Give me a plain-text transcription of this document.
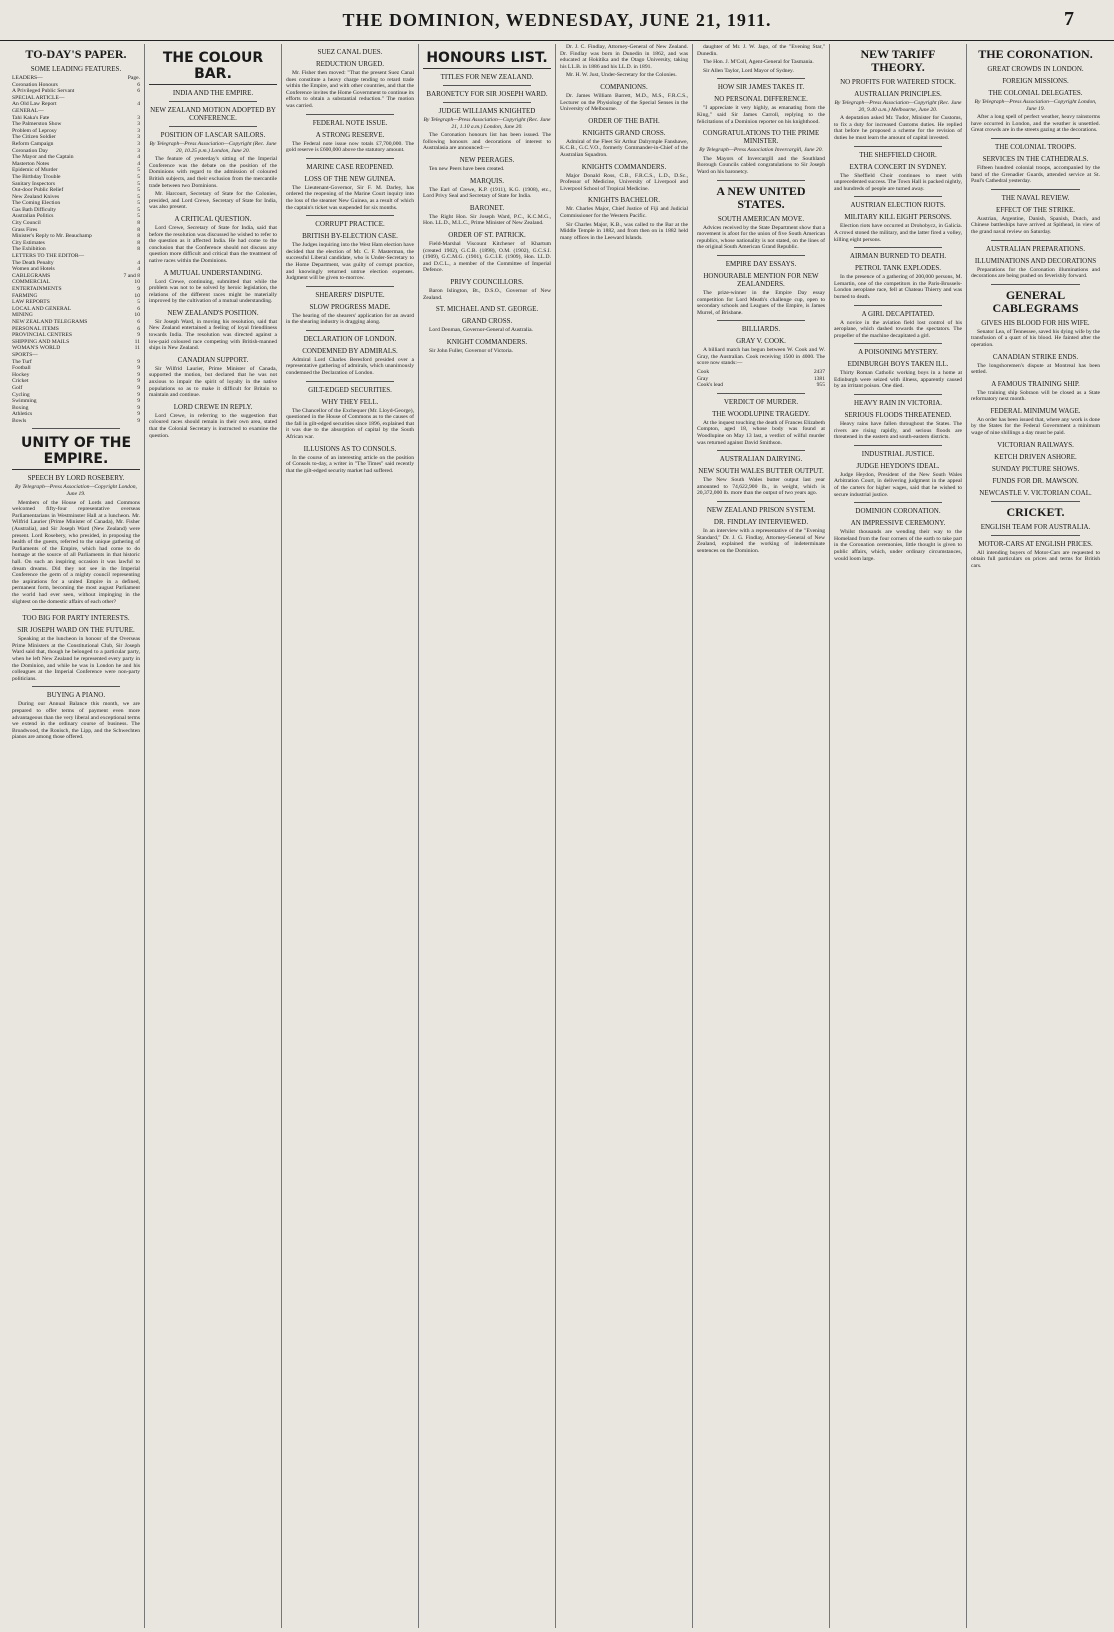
THE DOMINION, WEDNESDAY, JUNE 21, 1911.	7
TO-DAY'S PAPER.
SOME LEADING FEATURES.
LEADERS—	Page.
Coronation Honours	6
A Privileged Public Servant	6
SPECIAL ARTICLE—
An Old Law Report	4
GENERAL—
Tahi Kaka's Fate	3
The Palmerston Show	3
Problem of Leprosy	3
The Citizen Soldier	3
Reform Campaign	3
Coronation Day	3
The Mayor and the Captain	4
Masterton Notes	4
Epidemic of Murder	5
The Birthday Trouble	5
Sanitary Inspectors	5
Out-door Public Relief	5
New Zealand Knives	5
The Coming Election	5
Gas Bath Difficulty	5
Australian Politics	5
City Council	8
Grass Fires	8
Minister's Reply to Mr. Beauchamp	8
City Estimates	8
The Exhibition	8
LETTERS TO THE EDITOR—
The Death Penalty	4
Women and Hotels	4
CABLEGRAMS	7 and 8
COMMERCIAL	10
ENTERTAINMENTS	9
FARMING	10
LAW REPORTS	5
LOCAL AND GENERAL	6
MINING	10
NEW ZEALAND TELEGRAMS	6
PERSONAL ITEMS	6
PROVINCIAL CENTRES	9
SHIPPING AND MAILS	11
WOMAN'S WORLD	11
SPORTS—
The Turf	9
Football	9
Hockey	9
Cricket	9
Golf	9
Cycling	9
Swimming	9
Boxing	9
Athletics	9
Bowls	9
UNITY OF THE EMPIRE.
SPEECH BY LORD ROSEBERY.
By Telegraph—Press Association—Copyright London, June 19.

Members of the House of Lords and Commons welcomed fifty-four representative overseas Parliamentarians in Westminster Hall at a luncheon. Mr. Wilfrid Laurier (Prime Minister of Canada), Mr. Fisher (Australia), and Sir Joseph Ward (New Zealand) were present. Lord Rosebery, who presided, in proposing the health of the guests, referred to the unique gathering of Parliaments of the Empire, which had come to do homage at the source of all Parliaments in that historic hall. On such an inspiring occasion it was lawful to dream dreams. Did they not see in the Imperial Conference the germ of a mighty council representing the aspirations for a united Empire in a defined, permanent form, becoming the most august Parliament the world had ever seen, without impinging in the slightest on the domestic affairs of each other?

TOO BIG FOR PARTY INTERESTS.
SIR JOSEPH WARD ON THE FUTURE.

Speaking at the luncheon in honour of the Overseas Prime Ministers at the Constitutional Club, Sir Joseph Ward said that, though he belonged to a particular party, when he left New Zealand he represented every party in the Dominion, and while he was in London he and his colleagues at the Imperial Conference were non-party politicians.

BUYING A PIANO.

During our Annual Balance this month, we are prepared to offer terms of payment even more advantageous than the very liberal and exceptional terms we extend in the ordinary course of business. The Broadwood, the Ronisch, the Lipp, and the Schwechten pianos are among those offered.

THE COLOUR BAR.
INDIA AND THE EMPIRE.
NEW ZEALAND MOTION ADOPTED BY CONFERENCE.
POSITION OF LASCAR SAILORS.
By Telegraph—Press Association—Copyright (Rec. June 20, 10.25 p.m.) London, June 20.

The feature of yesterday's sitting of the Imperial Conference was the debate on the position of the Dominions with regard to the admission of coloured British subjects, and their exclusion from the mercantile trade between two Dominions.

Mr. Harcourt, Secretary of State for the Colonies, presided, and Lord Crewe, Secretary of State for India, was also present.

A CRITICAL QUESTION.

Lord Crewe, Secretary of State for India, said that before the resolution was discussed he wished to refer to the question as it affected India. He had come to the conclusion that the Conference should not discuss any question more difficult and critical than the treatment of native races within the Dominions.

A MUTUAL UNDERSTANDING.

Lord Crewe, continuing, submitted that while the problem was not to be solved by heroic legislation, the relations of the different races might be materially improved by the cultivation of a mutual understanding.

NEW ZEALAND'S POSITION.

Sir Joseph Ward, in moving his resolution, said that New Zealand entertained a feeling of loyal friendliness towards India. The resolution was directed against a low-paid coloured race competing with British-manned ships in New Zealand.

CANADIAN SUPPORT.

Sir Wilfrid Laurier, Prime Minister of Canada, supported the motion, but declared that he was not anxious to impair the spirit of loyalty in the native populations so as to make it difficult for Britain to maintain and continue.

LORD CREWE IN REPLY.

Lord Crewe, in referring to the suggestion that coloured races should remain in their own area, stated that the Colonial Secretary is instructed to examine the question.

SUEZ CANAL DUES.
REDUCTION URGED.

Mr. Fisher then moved: "That the present Suez Canal dues constitute a heavy charge tending to retard trade within the Empire, and with other countries, and that the Conference invites the Home Government to continue its efforts to obtain a substantial reduction." The motion was carried.

FEDERAL NOTE ISSUE.
A STRONG RESERVE.

The Federal note issue now totals £7,700,000. The gold reserve is £600,000 above the statutory amount.

MARINE CASE REOPENED.
LOSS OF THE NEW GUINEA.

The Lieutenant-Governor, Sir F. M. Darley, has ordered the reopening of the Marine Court inquiry into the loss of the steamer New Guinea, as a result of which the captain's ticket was suspended for six months.

CORRUPT PRACTICE.
BRITISH BY-ELECTION CASE.

The Judges inquiring into the West Ham election have decided that the election of Mr. C. F. Masterman, the successful Liberal candidate, who is Under-Secretary to the Home Department, was guilty of corrupt practice, and knowingly returned untrue election expenses. Judgment will be given to-morrow.

SHEARERS' DISPUTE.
SLOW PROGRESS MADE.

The hearing of the shearers' application for an award in the shearing industry is dragging along.

DECLARATION OF LONDON.
CONDEMNED BY ADMIRALS.

Admiral Lord Charles Beresford presided over a representative gathering of admirals, which unanimously condemned the Declaration of London.

GILT-EDGED SECURITIES.
WHY THEY FELL.

The Chancellor of the Exchequer (Mr. Lloyd-George), questioned in the House of Commons as to the causes of the fall in gilt-edged securities since 1896, explained that it was due to the absorption of capital by the South African war.

ILLUSIONS AS TO CONSOLS.

In the course of an interesting article on the position of Consols to-day, a writer in "The Times" said recently that the gilt-edged security market had suffered.

HONOURS LIST.
TITLES FOR NEW ZEALAND.
BARONETCY FOR SIR JOSEPH WARD.
JUDGE WILLIAMS KNIGHTED
By Telegraph—Press Association—Copyright (Rec. June 21, 1.10 a.m.) London, June 20.

The Coronation honours list has been issued. The following honours and decorations of interest to Australasia are announced:—

NEW PEERAGES.

Ten new Peers have been created.

MARQUIS.

The Earl of Crewe, K.P. (1911), K.G. (1908), etc., Lord Privy Seal and Secretary of State for India.

BARONET.

The Right Hon. Sir Joseph Ward, P.C., K.C.M.G., Hon. LL.D., M.L.C., Prime Minister of New Zealand.

ORDER OF ST. PATRICK.

Field-Marshal Viscount Kitchener of Khartum (created 1902), G.C.B. (1898), O.M. (1902), G.C.S.I. (1909), G.C.M.G. (1901), G.C.I.E. (1909), Hon. LL.D. and D.C.L., a member of the Committee of Imperial Defence.

PRIVY COUNCILLORS.

Baron Islington, Bt., D.S.O., Governor of New Zealand.

ST. MICHAEL AND ST. GEORGE.
GRAND CROSS.

Lord Denman, Governor-General of Australia.

KNIGHT COMMANDERS.

Sir John Fuller, Governor of Victoria.

Dr. J. C. Findlay, Attorney-General of New Zealand. Dr. Findlay was born in Dunedin in 1862, and was educated at Hokitika and the Otago University, taking his LL.B. in 1886 and his LL.D. in 1891.

Mr. H. W. Just, Under-Secretary for the Colonies.

COMPANIONS.

Dr. James William Barrett, M.D., M.S., F.R.C.S., Lecturer on the Physiology of the Special Senses in the University of Melbourne.

ORDER OF THE BATH.
KNIGHTS GRAND CROSS.

Admiral of the Fleet Sir Arthur Dalrymple Fanshawe, K.C.B., G.C.V.O., formerly Commander-in-Chief of the Australian Squadron.

KNIGHTS COMMANDERS.

Major Donald Ross, C.B., F.R.C.S., L.D., D.Sc., Professor of Medicine, University of Liverpool and Liverpool School of Tropical Medicine.

KNIGHTS BACHELOR.

Mr. Charles Major, Chief Justice of Fiji and Judicial Commissioner for the Western Pacific.

Sir Charles Major, K.B., was called to the Bar at the Middle Temple in 1882, and from then on in 1882 held many offices in the Leeward Islands.

daughter of Mr. J. W. Jago, of the "Evening Star," Dunedin.

The Hon. J. M'Coll, Agent-General for Tasmania.

Sir Allen Taylor, Lord Mayor of Sydney.

HOW SIR JAMES TAKES IT.
NO PERSONAL DIFFERENCE.

"I appreciate it very highly, as emanating from the King," said Sir James Carroll, replying to the felicitations of a Dominion reporter on his knighthood.

CONGRATULATIONS TO THE PRIME MINISTER.
By Telegraph—Press Association Invercargill, June 20.

The Mayors of Invercargill and the Southland Borough Councils cabled congratulations to Sir Joseph Ward on his baronetcy.

A NEW UNITED STATES.
SOUTH AMERICAN MOVE.

Advices received by the State Department show that a movement is afoot for the union of five South American republics, whose nationality is not stated, on the lines of the original South American Grand Republic.

EMPIRE DAY ESSAYS.
HONOURABLE MENTION FOR NEW ZEALANDERS.

The prize-winner in the Empire Day essay competition for Lord Meath's challenge cup, open to secondary schools and Leagues of the Empire, is James Murrel, of Brisbane.

BILLIARDS.
GRAY V. COOK.

A billiard match has begun between W. Cook and W. Gray, the Australian. Cook receiving 1500 in 4000. The score now stands:—

Cook	2437
Gray	1381
Cook's lead	955
VERDICT OF MURDER.
THE WOODLUPINE TRAGEDY.

At the inquest touching the death of Frances Elizabeth Compton, aged 18, whose body was found at Woodlupine on May 13 last, a verdict of wilful murder was returned against David Smithson.

AUSTRALIAN DAIRYING.
NEW SOUTH WALES BUTTER OUTPUT.

The New South Wales butter output last year amounted to 74,622,900 lb., in weight, which is 20,372,000 lb. more than the output of two years ago.

NEW ZEALAND PRISON SYSTEM.
DR. FINDLAY INTERVIEWED.

In an interview with a representative of the "Evening Standard," Dr. J. G. Findlay, Attorney-General of New Zealand, explained the working of indeterminate sentences on the Dominion.

NEW TARIFF THEORY.
NO PROFITS FOR WATERED STOCK.
AUSTRALIAN PRINCIPLES.
By Telegraph—Press Association—Copyright (Rec. June 20, 9.40 a.m.) Melbourne, June 20.

A deputation asked Mr. Tudor, Minister for Customs, to fix a duty for increased Customs duties. He replied that before he proposed a scheme for the revision of duties he must learn the amount of capital invested.

THE SHEFFIELD CHOIR.
EXTRA CONCERT IN SYDNEY.

The Sheffield Choir continues to meet with unprecedented success. The Town Hall is packed nightly, and hundreds of people are turned away.

AUSTRIAN ELECTION RIOTS.
MILITARY KILL EIGHT PERSONS.

Election riots have occurred at Drohobycz, in Galicia. A crowd stoned the military, and the latter fired a volley, killing eight persons.

AIRMAN BURNED TO DEATH.
PETROL TANK EXPLODES.

In the presence of a gathering of 200,000 persons, M. Lemartin, one of the competitors in the Paris-Brussels-London aeroplane race, fell at Chateau Thierry and was burned to death.

A GIRL DECAPITATED.

A novice in the aviation field lost control of his aeroplane, which dashed towards the spectators. The propeller of the machine decapitated a girl.

A POISONING MYSTERY.
EDINBURGH BOYS TAKEN ILL.

Thirty Roman Catholic working boys in a home at Edinburgh were seized with illness, apparently caused by an irritant poison. One died.

HEAVY RAIN IN VICTORIA.
SERIOUS FLOODS THREATENED.

Heavy rains have fallen throughout the States. The rivers are rising rapidly, and serious floods are threatened in the eastern and south-eastern districts.

INDUSTRIAL JUSTICE.
JUDGE HEYDON'S IDEAL.

Judge Heydon, President of the New South Wales Arbitration Court, in delivering judgment in the appeal of the carters for higher wages, said that he wished to secure industrial justice.

DOMINION CORONATION.
AN IMPRESSIVE CEREMONY.

Whilst thousands are wending their way to the Homeland from the four corners of the earth to take part in the Coronation ceremonies, little thought is given to public affairs, which, under ordinary circumstances, would loom large.

THE CORONATION.
GREAT CROWDS IN LONDON.
FOREIGN MISSIONS.
THE COLONIAL DELEGATES.
By Telegraph—Press Association—Copyright London, June 19.

After a long spell of perfect weather, heavy rainstorms have occurred in London, and the weather is unsettled. Great crowds are in the streets gazing at the decorations.

THE COLONIAL TROOPS.
SERVICES IN THE CATHEDRALS.

Fifteen hundred colonial troops, accompanied by the band of the Grenadier Guards, attended service at St. Paul's Cathedral yesterday.

THE NAVAL REVIEW.
EFFECT OF THE STRIKE.

Austrian, Argentine, Danish, Spanish, Dutch, and Chinese battleships have arrived at Spithead, in view of the grand naval review on Saturday.

AUSTRALIAN PREPARATIONS.
ILLUMINATIONS AND DECORATIONS

Preparations for the Coronation illuminations and decorations are being pushed on feverishly forward.

GENERAL CABLEGRAMS
GIVES HIS BLOOD FOR HIS WIFE.

Senator Lea, of Tennessee, saved his dying wife by the transfusion of a quart of his blood. He fainted after the operation.

CANADIAN STRIKE ENDS.

The longshoremen's dispute at Montreal has been settled.

A FAMOUS TRAINING SHIP.

The training ship Sobraon will be closed as a State reformatory next month.

FEDERAL MINIMUM WAGE.

An order has been issued that, where any work is done by the States for the Federal Government a minimum wage of nine shillings a day must be paid.

VICTORIAN RAILWAYS.
KETCH DRIVEN ASHORE.
SUNDAY PICTURE SHOWS.
FUNDS FOR DR. MAWSON.
NEWCASTLE V. VICTORIAN COAL.
CRICKET.
ENGLISH TEAM FOR AUSTRALIA.
MOTOR-CARS AT ENGLISH PRICES.

All intending buyers of Motor-Cars are requested to obtain full particulars on prices and terms for British cars.
